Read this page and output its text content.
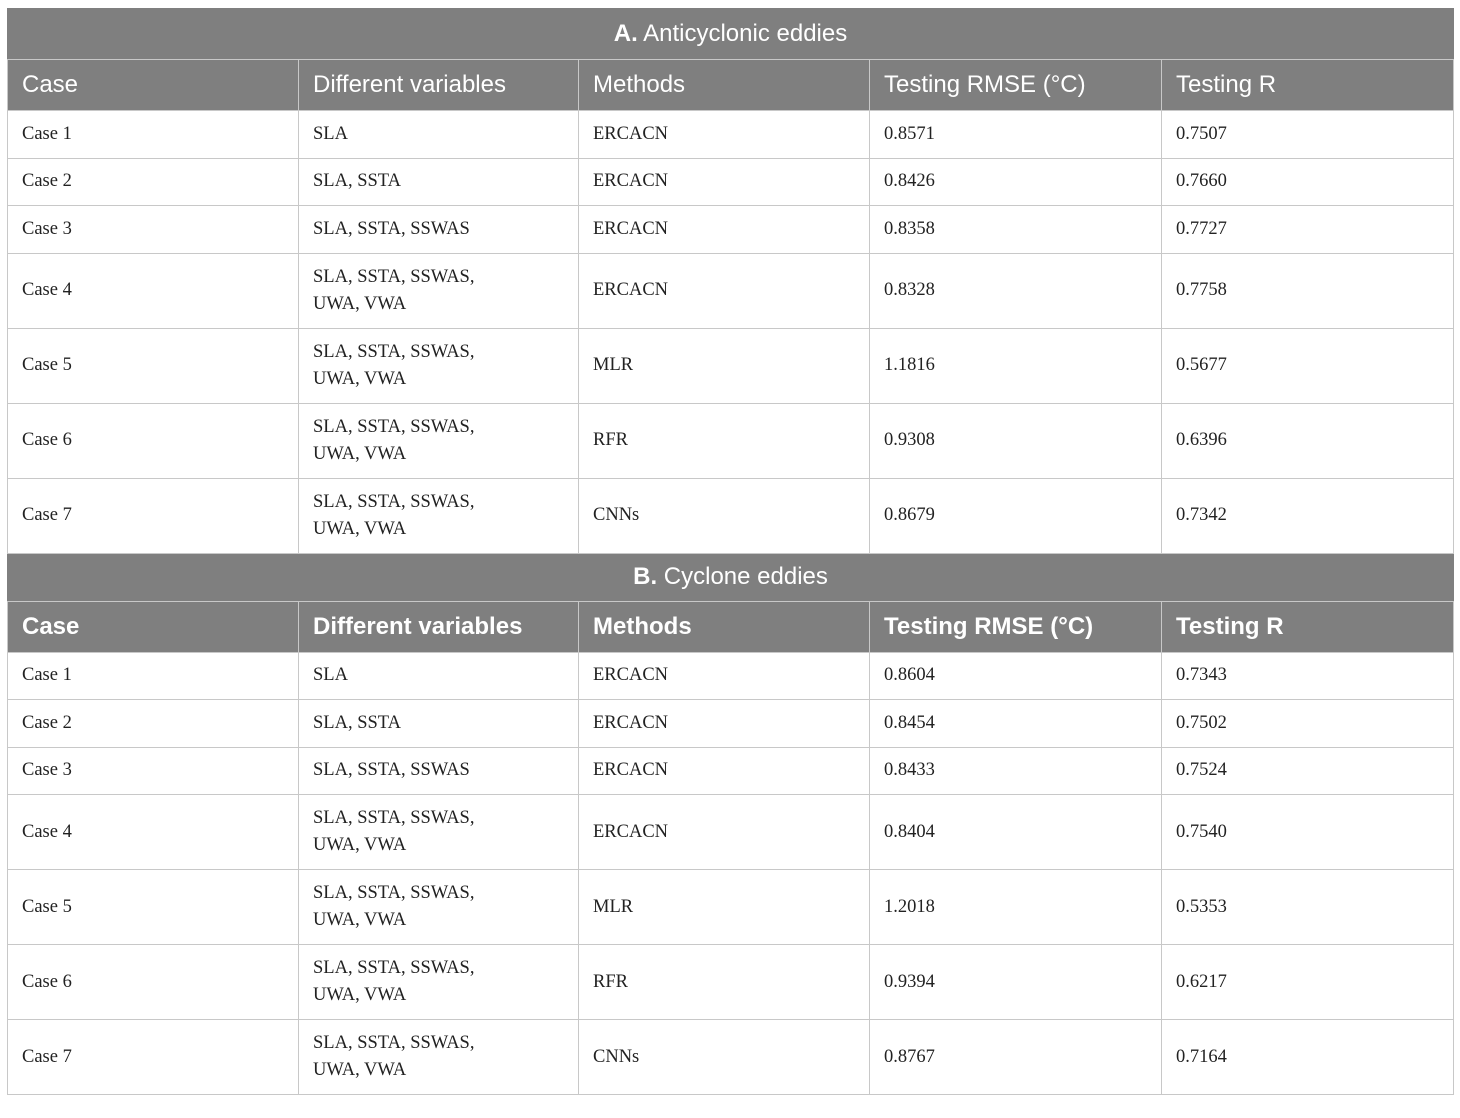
A. Anticyclonic eddies				
Case	Different variables	Methods	Testing RMSE (°C)	Testing R
Case 1	SLA	ERCACN	0.8571	0.7507
Case 2	SLA, SSTA	ERCACN	0.8426	0.7660
Case 3	SLA, SSTA, SSWAS	ERCACN	0.8358	0.7727
Case 4	SLA, SSTA, SSWAS,
UWA, VWA	ERCACN	0.8328	0.7758
Case 5	SLA, SSTA, SSWAS,
UWA, VWA	MLR	1.1816	0.5677
Case 6	SLA, SSTA, SSWAS,
UWA, VWA	RFR	0.9308	0.6396
Case 7	SLA, SSTA, SSWAS,
UWA, VWA	CNNs	0.8679	0.7342
B. Cyclone eddies				
Case	Different variables	Methods	Testing RMSE (°C)	Testing R
Case 1	SLA	ERCACN	0.8604	0.7343
Case 2	SLA, SSTA	ERCACN	0.8454	0.7502
Case 3	SLA, SSTA, SSWAS	ERCACN	0.8433	0.7524
Case 4	SLA, SSTA, SSWAS,
UWA, VWA	ERCACN	0.8404	0.7540
Case 5	SLA, SSTA, SSWAS,
UWA, VWA	MLR	1.2018	0.5353
Case 6	SLA, SSTA, SSWAS,
UWA, VWA	RFR	0.9394	0.6217
Case 7	SLA, SSTA, SSWAS,
UWA, VWA	CNNs	0.8767	0.7164
